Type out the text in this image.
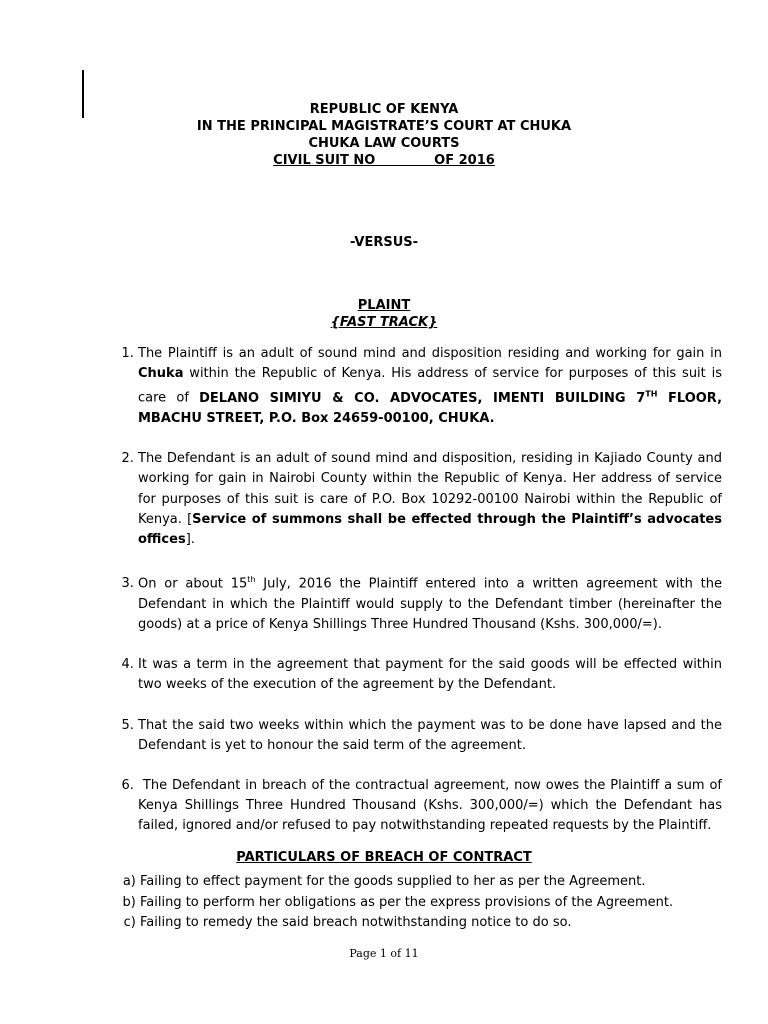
REPUBLIC OF KENYA
IN THE PRINCIPAL MAGISTRATE’S COURT AT CHUKA
CHUKA LAW COURTS
CIVIL SUIT NO             OF 2016
-VERSUS-
PLAINT
{FAST TRACK}
1. The Plaintiff is an adult of sound mind and disposition residing and working for gain in Chuka within the Republic of Kenya. His address of service for purposes of this suit is care of DELANO SIMIYU & CO. ADVOCATES, IMENTI BUILDING 7TH FLOOR, MBACHU STREET, P.O. Box 24659-00100, CHUKA.
2. The Defendant is an adult of sound mind and disposition, residing in Kajiado County and working for gain in Nairobi County within the Republic of Kenya. Her address of service for purposes of this suit is care of P.O. Box 10292-00100 Nairobi within the Republic of Kenya. [Service of summons shall be effected through the Plaintiff’s advocates offices].
3. On or about 15th July, 2016 the Plaintiff entered into a written agreement with the Defendant in which the Plaintiff would supply to the Defendant timber (hereinafter the goods) at a price of Kenya Shillings Three Hundred Thousand (Kshs. 300,000/=).
4. It was a term in the agreement that payment for the said goods will be effected within two weeks of the execution of the agreement by the Defendant.
5. That the said two weeks within which the payment was to be done have lapsed and the Defendant is yet to honour the said term of the agreement.
6.  The Defendant in breach of the contractual agreement, now owes the Plaintiff a sum of Kenya Shillings Three Hundred Thousand (Kshs. 300,000/=) which the Defendant has failed, ignored and/or refused to pay notwithstanding repeated requests by the Plaintiff.
PARTICULARS OF BREACH OF CONTRACT
a. Failing to effect payment for the goods supplied to her as per the Agreement.
b. Failing to perform her obligations as per the express provisions of the Agreement.
c. Failing to remedy the said breach notwithstanding notice to do so.
Page 1 of 11
